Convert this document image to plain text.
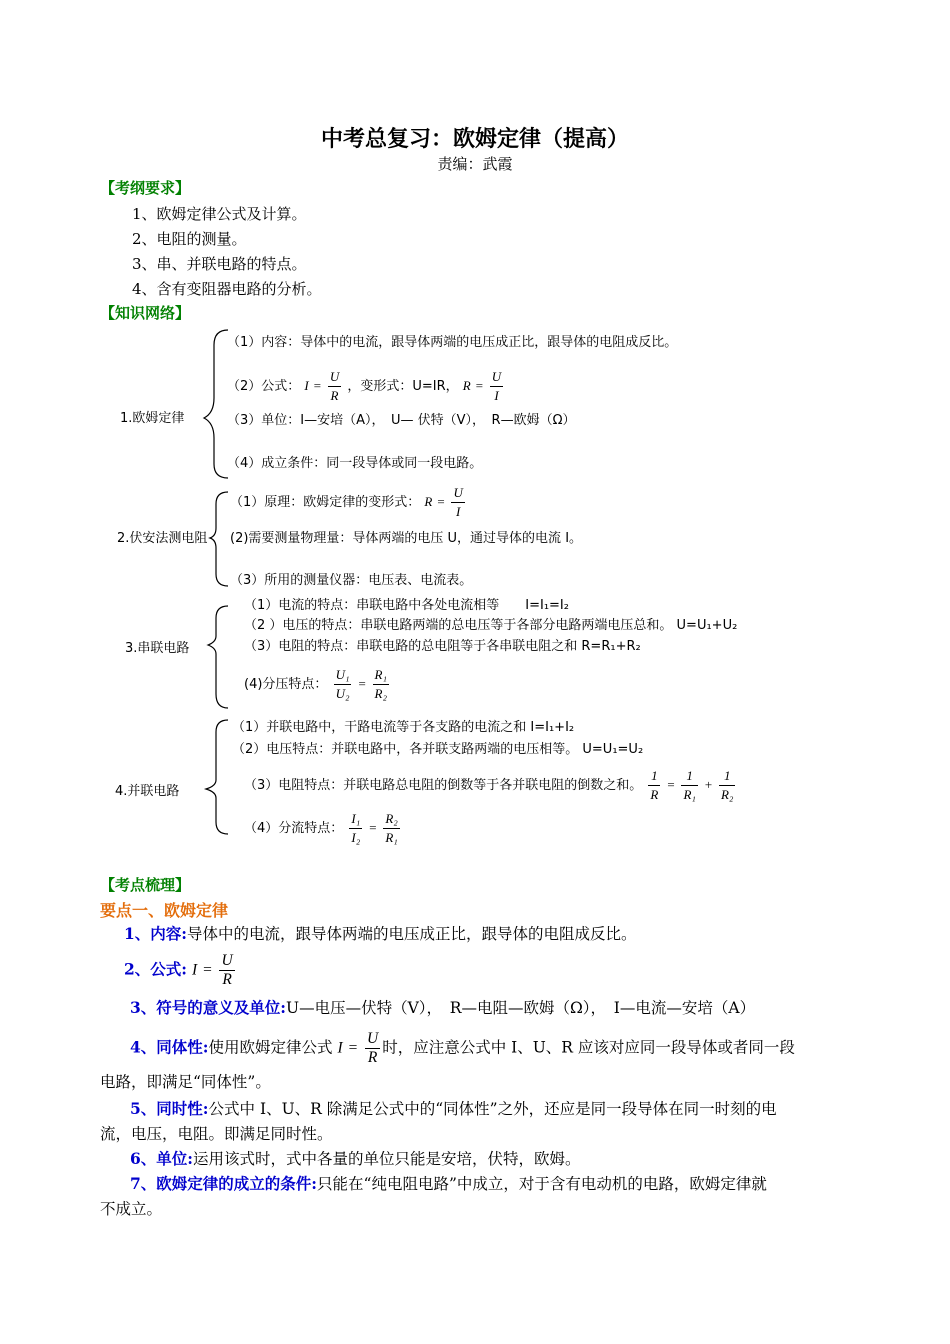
中考总复习：欧姆定律（提高）
责编：武霞
【考纲要求】
1、欧姆定律公式及计算。
2、电阻的测量。
3、串、并联电路的特点。
4、含有变阻器电路的分析。
【知识网络】
1.欧姆定律
（1）内容：导体中的电流，跟导体两端的电压成正比，跟导体的电阻成反比。
（2）公式： $I = \frac{U}{R}$ ，变形式：U=IR， $R = \frac{U}{I}$
（3）单位：I—安培（A），　U— 伏特（V），　R—欧姆（Ω）
（4）成立条件：同一段导体或同一段电路。
2.伏安法测电阻
（1）原理：欧姆定律的变形式： $R = \frac{U}{I}$
(2)需要测量物理量：导体两端的电压 U，通过导体的电流 I。
（3）所用的测量仪器：电压表、电流表。
3.串联电路
（1）电流的特点：串联电路中各处电流相等　　I=I₁=I₂
（2 ）电压的特点：串联电路两端的总电压等于各部分电路两端电压总和。 U=U₁+U₂
（3）电阻的特点：串联电路的总电阻等于各串联电阻之和 R=R₁+R₂
(4)分压特点： $\frac{\text{U₁}}{\text{U₂}} = \frac{\text{R₁}}{\text{R₂}}$
4.并联电路
（1）并联电路中，干路电流等于各支路的电流之和 I=I₁+I₂
（2）电压特点：并联电路中，各并联支路两端的电压相等。 U=U₁=U₂
（3）电阻特点：并联电路总电阻的倒数等于各并联电阻的倒数之和。 $\frac{1}{R} = \frac{1}{\text{R₁}} + \frac{1}{\text{R₂}}$
（4）分流特点： $\frac{\text{I₁}}{\text{I₂}} = \frac{\text{R₂}}{\text{R₁}}$
【考点梳理】
要点一、欧姆定律
1、内容:导体中的电流，跟导体两端的电压成正比，跟导体的电阻成反比。
2、公式: $I = \frac{U}{R}$
3、符号的意义及单位:U—电压—伏特（V），　R—电阻—欧姆（Ω），　I—电流—安培（A）
4、同体性:使用欧姆定律公式 $I = \frac{U}{R}$ 时，应注意公式中 I、U、R 应该对应同一段导体或者同一段
电路，即满足“同体性”。
5、同时性:公式中 I、U、R 除满足公式中的“同体性”之外，还应是同一段导体在同一时刻的电
流，电压，电阻。即满足同时性。
6、单位:运用该式时，式中各量的单位只能是安培，伏特，欧姆。
7、欧姆定律的成立的条件:只能在“纯电阻电路”中成立，对于含有电动机的电路，欧姆定律就
不成立。
